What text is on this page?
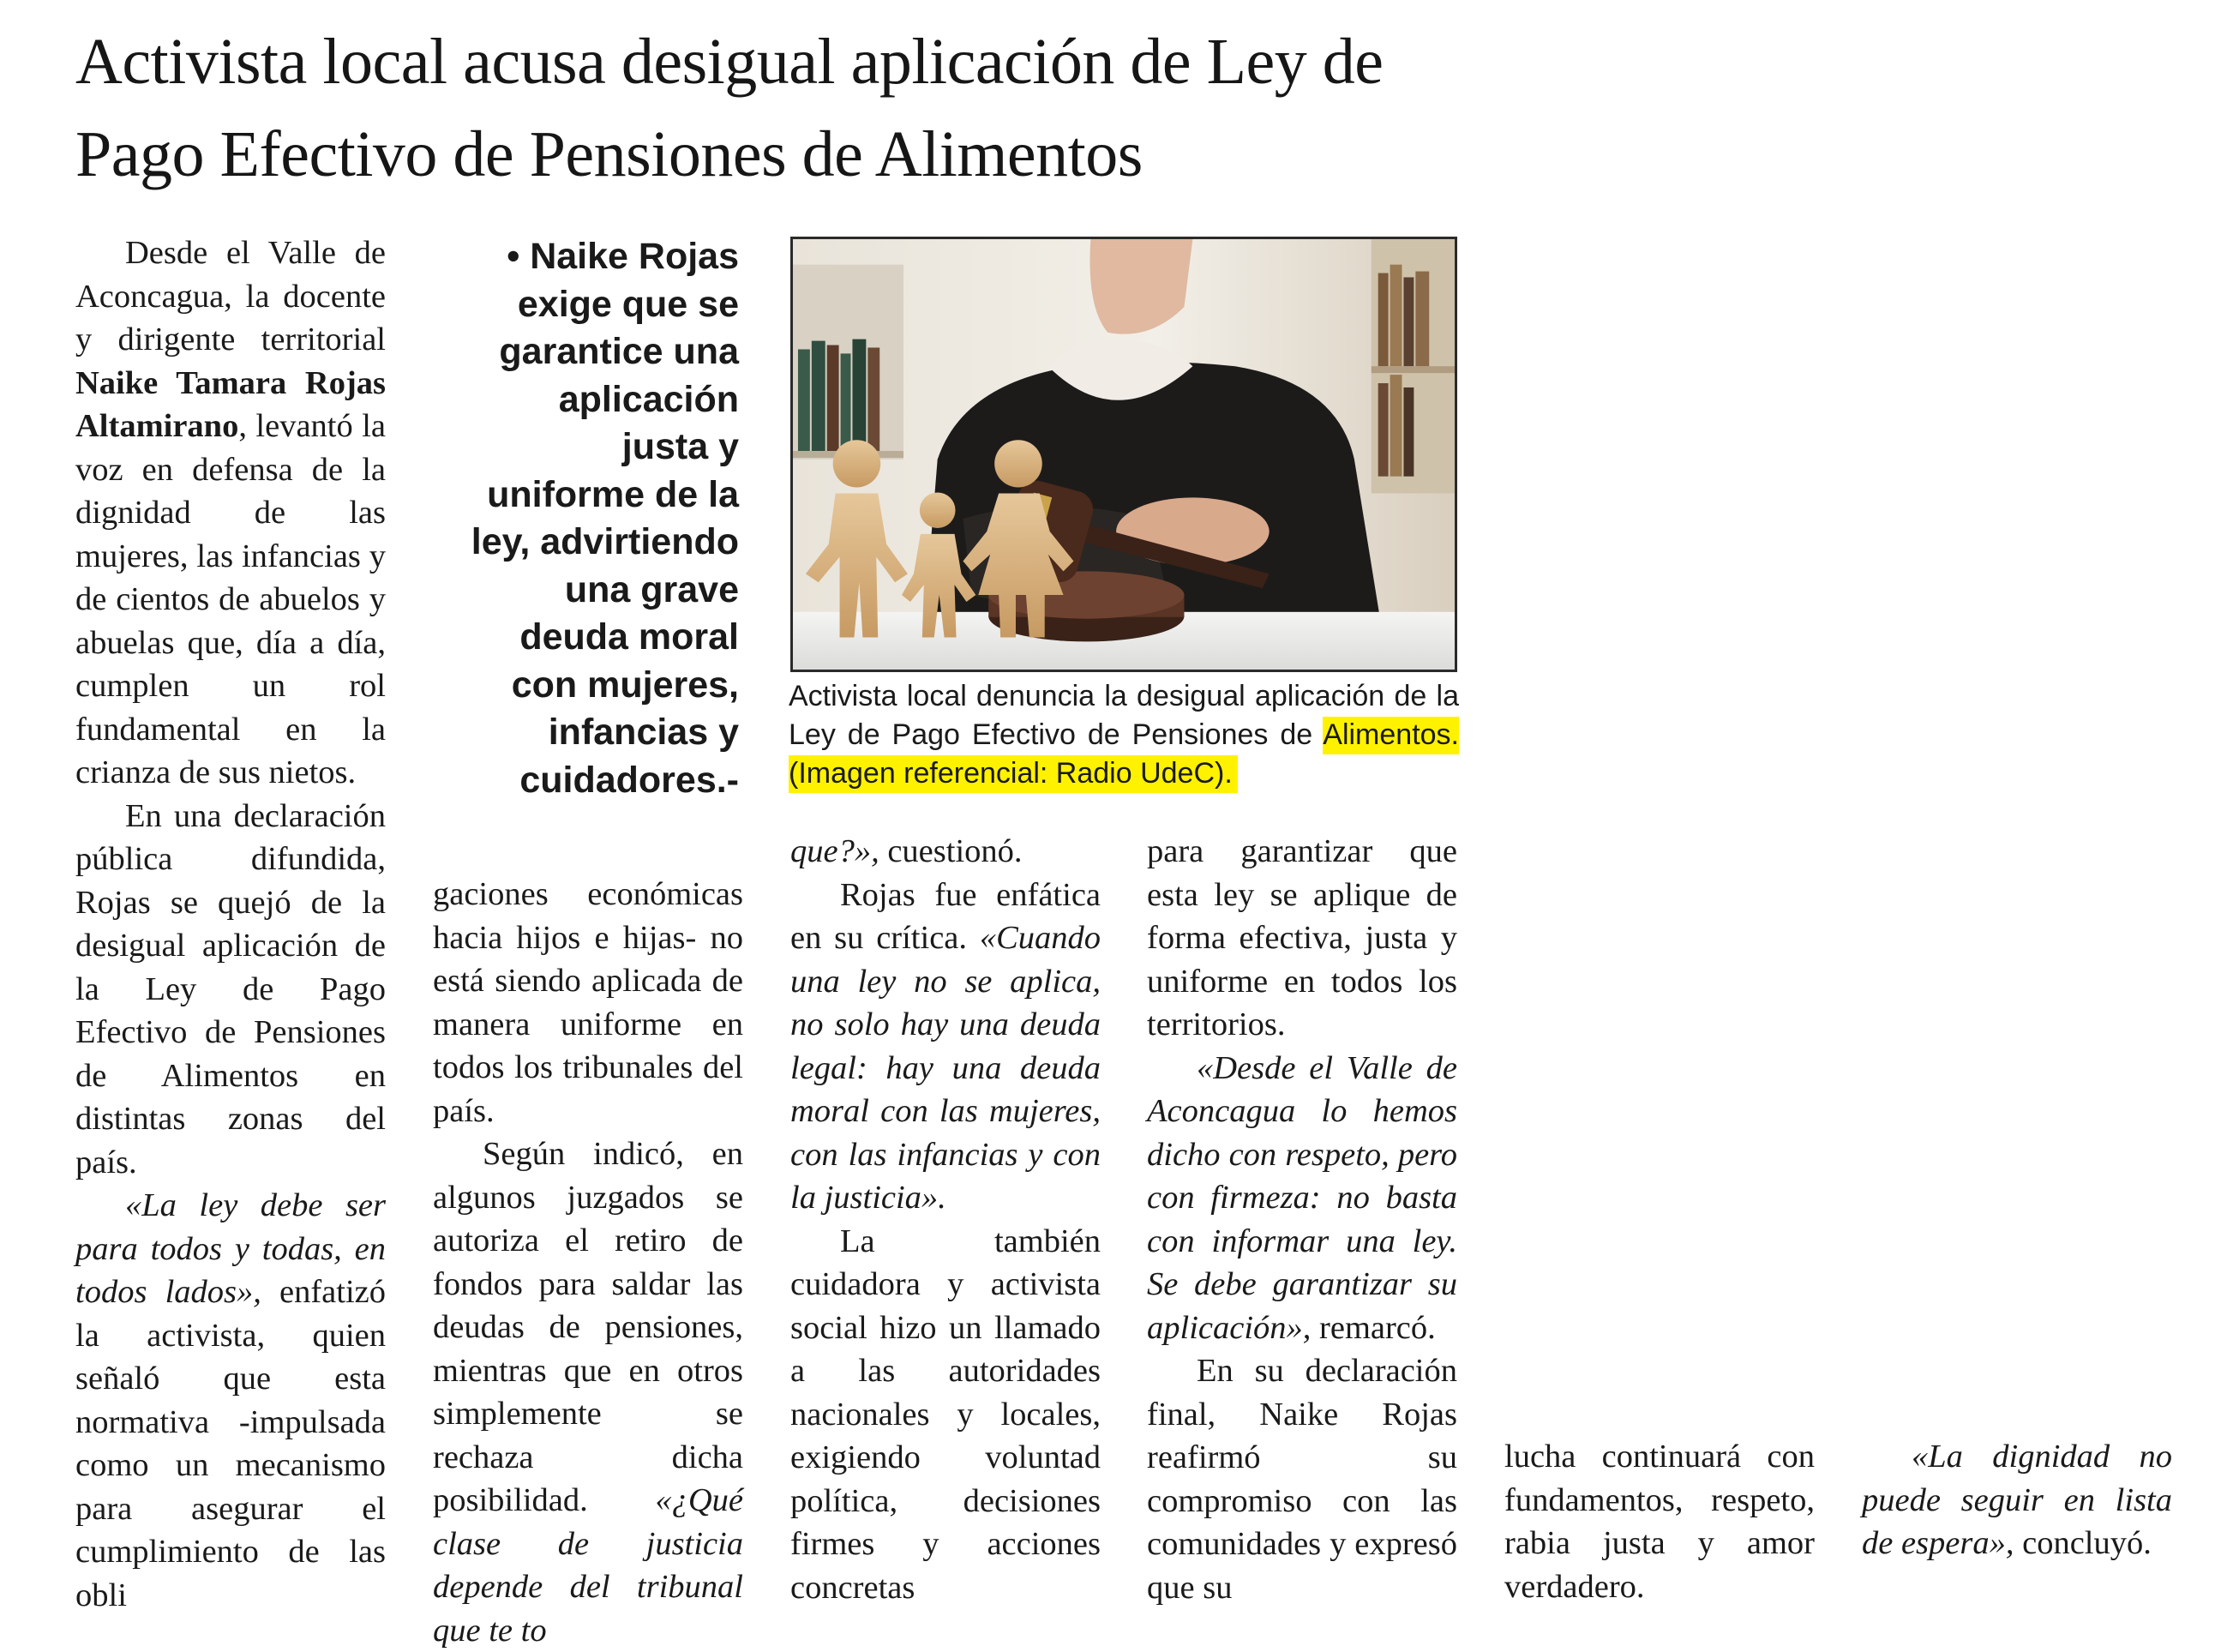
Activista local acusa desigual aplicación de Ley de Pago Efectivo de Pensiones de Alimentos

Desde el Valle de Aconcagua, la docente y dirigente territorial Naike Tamara Rojas Altamirano, levantó la voz en defensa de la dignidad de las mujeres, las infancias y de cientos de abuelos y abuelas que, día a día, cumplen un rol fundamental en la crianza de sus nietos.

En una declaración pública difundida, Rojas se quejó de la desigual aplicación de la Ley de Pago Efectivo de Pensiones de Alimentos en distintas zonas del país.

«La ley debe ser para todos y todas, en todos lados», enfatizó la activista, quien señaló que esta normativa -impulsada como un mecanismo para asegurar el cumplimiento de las obli

• Naike Rojas exige que se garantice una aplicación justa y uniforme de la ley, advirtiendo una grave deuda moral con mujeres, infancias y cuidadores.-

gaciones económicas hacia hijos e hijas- no está siendo aplicada de manera uniforme en todos los tribunales del país.

Según indicó, en algunos juzgados se autoriza el retiro de fondos para saldar las deudas de pensiones, mientras que en otros simplemente se rechaza dicha posibilidad. «¿Qué clase de justicia depende del tribunal que te to

Activista local denuncia la desigual aplicación de la Ley de Pago Efectivo de Pensiones de Alimentos. (Imagen referencial: Radio UdeC).

que?», cuestionó.

Rojas fue enfática en su crítica. «Cuando una ley no se aplica, no solo hay una deuda legal: hay una deuda moral con las mujeres, con las infancias y con la justicia».

La también cuidadora y activista social hizo un llamado a las autoridades nacionales y locales, exigiendo voluntad política, decisiones firmes y acciones concretas

para garantizar que esta ley se aplique de forma efectiva, justa y uniforme en todos los territorios.

«Desde el Valle de Aconcagua lo hemos dicho con respeto, pero con firmeza: no basta con informar una ley. Se debe garantizar su aplicación», remarcó.

En su declaración final, Naike Rojas reafirmó su compromiso con las comunidades y expresó que su

lucha continuará con fundamentos, respeto, rabia justa y amor verdadero.

«La dignidad no puede seguir en lista de espera», concluyó.
